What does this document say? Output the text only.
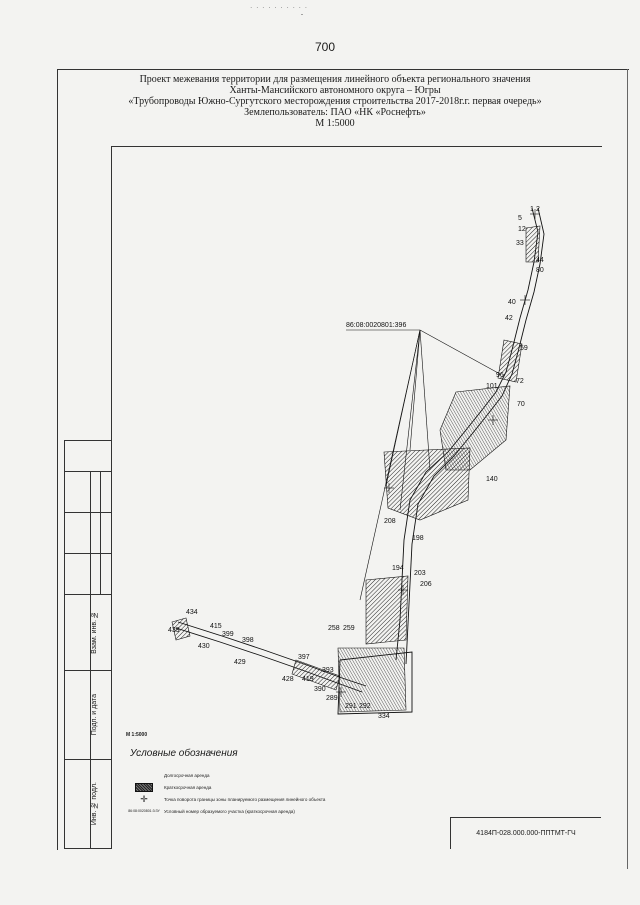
· · · · · · · · · ·
700
Проект межевания территории для размещения линейного объекта регионального значения
Ханты-Мансийского автономного округа – Югры
«Трубопроводы Южно-Сургутского месторождения строительства 2017-2018г.г. первая очередь»
Землепользователь: ПАО «НК «Роснефть»
М 1:5000

	Взам. инв. №	

	Подп. и дата	

	Инв. № подл.	
86:08:0020801:396
1 2
5
12
33
44
80
40
42
59
96
72
101
70
140
208
198
194
203
206
434
415
399
398
439
430
429
258 259
397
428 419
390
393
289
291 292
334
М 1:5000
Условные обозначения
Долгосрочная аренда
Краткосрочная аренда
✛	Точка поворота границы зоны планируемого размещения линейного объекта
86:08:0020801:3:ЗУ Условный номер образуемого участка (краткосрочная аренда)
4184П-028.000.000-ППТМТ-ГЧ
